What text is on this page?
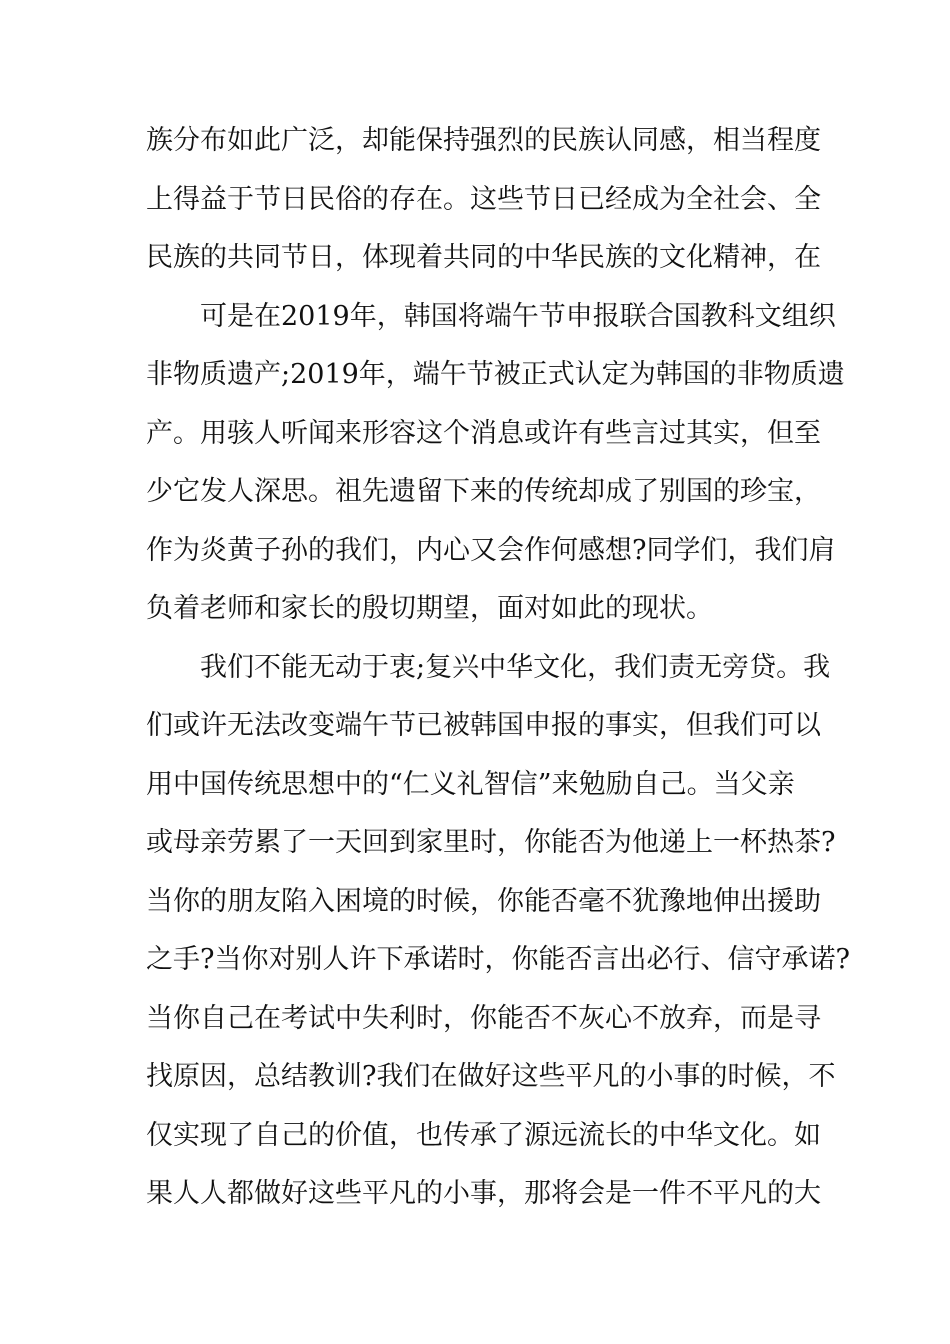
族分布如此广泛，却能保持强烈的民族认同感，相当程度
上得益于节日民俗的存在。这些节日已经成为全社会、全
民族的共同节日，体现着共同的中华民族的文化精神，在
　　可是在2019年，韩国将端午节申报联合国教科文组织
非物质遗产;2019年，端午节被正式认定为韩国的非物质遗
产。用骇人听闻来形容这个消息或许有些言过其实，但至
少它发人深思。祖先遗留下来的传统却成了别国的珍宝，
作为炎黄子孙的我们，内心又会作何感想?同学们，我们肩
负着老师和家长的殷切期望，面对如此的现状。
　　我们不能无动于衷;复兴中华文化，我们责无旁贷。我
们或许无法改变端午节已被韩国申报的事实，但我们可以
用中国传统思想中的“仁义礼智信”来勉励自己。当父亲
或母亲劳累了一天回到家里时，你能否为他递上一杯热茶?
当你的朋友陷入困境的时候，你能否毫不犹豫地伸出援助
之手?当你对别人许下承诺时，你能否言出必行、信守承诺?
当你自己在考试中失利时，你能否不灰心不放弃，而是寻
找原因，总结教训?我们在做好这些平凡的小事的时候，不
仅实现了自己的价值，也传承了源远流长的中华文化。如
果人人都做好这些平凡的小事，那将会是一件不平凡的大
